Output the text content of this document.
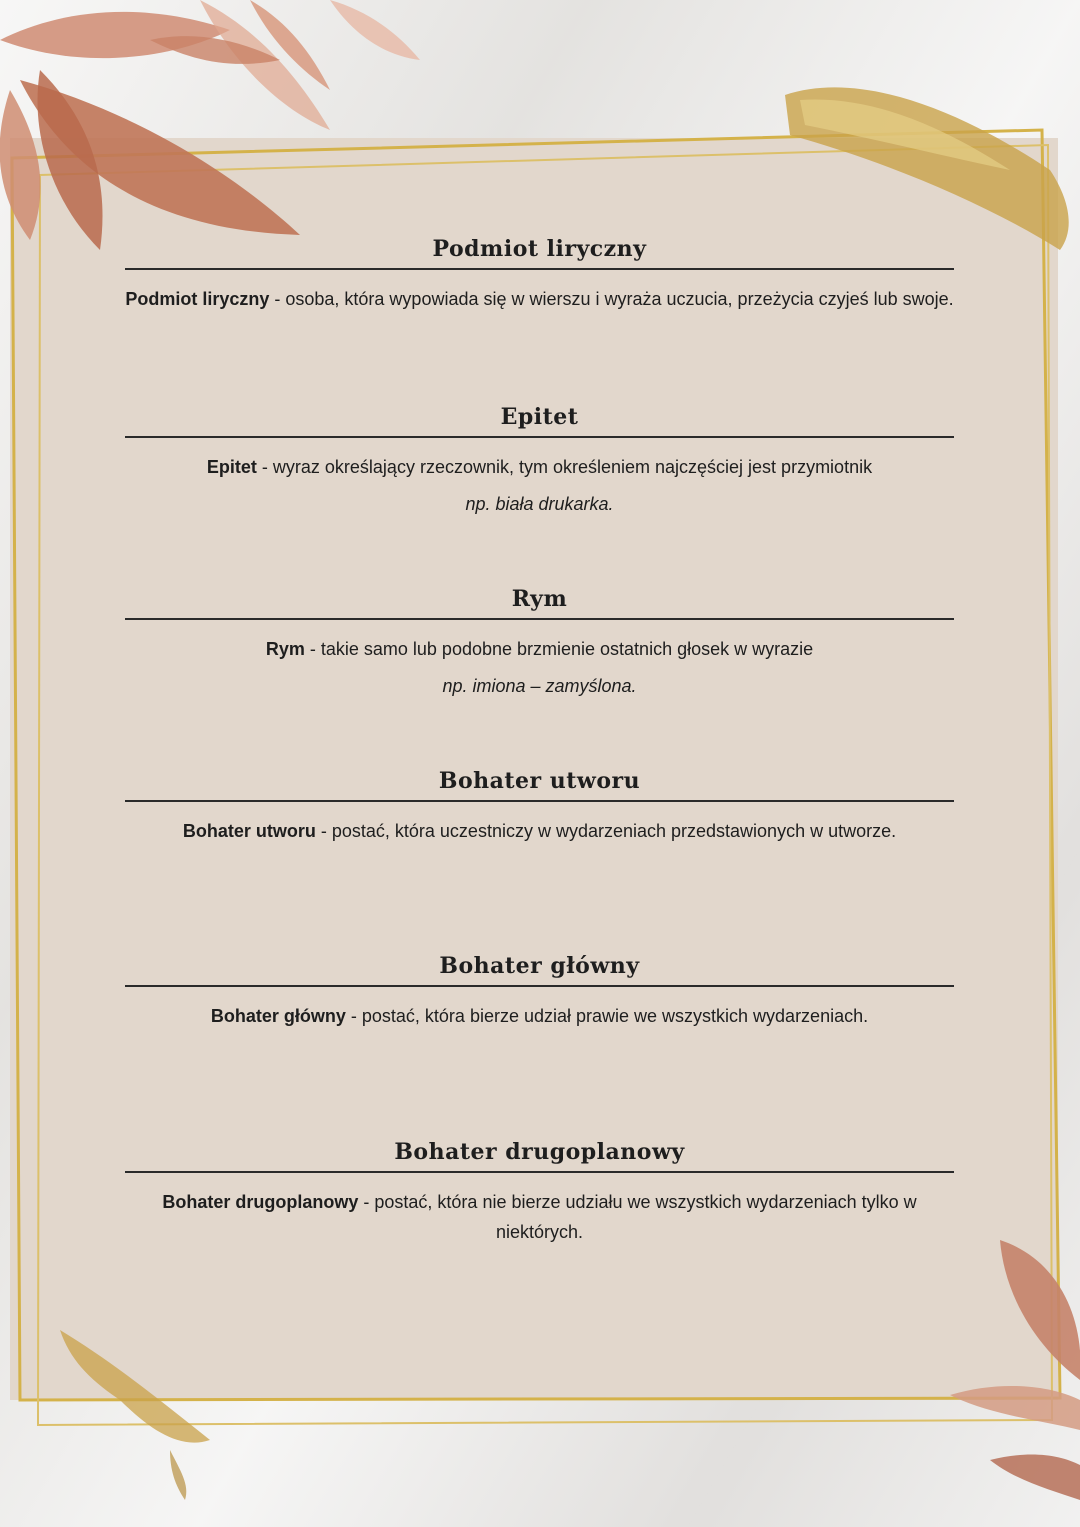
Podmiot liryczny
Podmiot liryczny - osoba, która wypowiada się w wierszu i wyraża uczucia, przeżycia czyjeś lub swoje.
Epitet
Epitet - wyraz określający rzeczownik, tym określeniem najczęściej jest przymiotnik
np. biała drukarka.
Rym
Rym - takie samo lub podobne brzmienie ostatnich głosek w wyrazie
np. imiona – zamyślona.
Bohater utworu
Bohater utworu - postać, która uczestniczy w wydarzeniach przedstawionych w utworze.
Bohater główny
Bohater główny - postać, która bierze udział prawie we wszystkich wydarzeniach.
Bohater drugoplanowy
Bohater drugoplanowy - postać, która nie bierze udziału we wszystkich wydarzeniach tylko w niektórych.
